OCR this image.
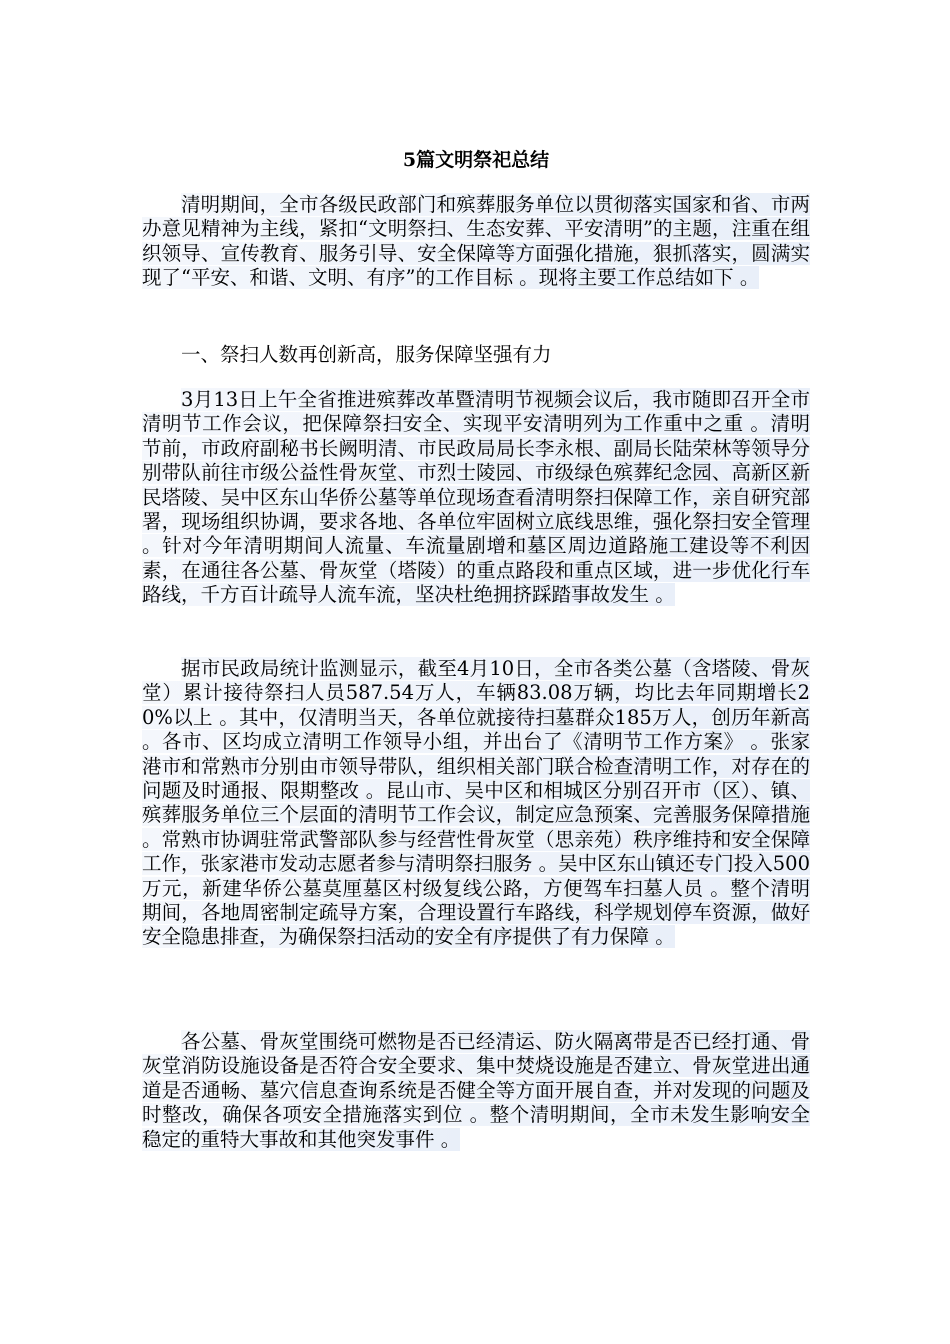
5篇文明祭祀总结
清明期间，全市各级民政部门和殡葬服务单位以贯彻落实国家和省、市两办意见精神为主线，紧扣“文明祭扫、生态安葬、平安清明”的主题，注重在组织领导、宣传教育、服务引导、安全保障等方面强化措施，狠抓落实，圆满实现了“平安、和谐、文明、有序”的工作目标 。现将主要工作总结如下 。
一、祭扫人数再创新高，服务保障坚强有力
3月13日上午全省推进殡葬改革暨清明节视频会议后，我市随即召开全市清明节工作会议，把保障祭扫安全、实现平安清明列为工作重中之重 。清明节前，市政府副秘书长阙明清、市民政局局长李永根、副局长陆荣林等领导分别带队前往市级公益性骨灰堂、市烈士陵园、市级绿色殡葬纪念园、高新区新民塔陵、吴中区东山华侨公墓等单位现场查看清明祭扫保障工作，亲自研究部署，现场组织协调，要求各地、各单位牢固树立底线思维，强化祭扫安全管理 。针对今年清明期间人流量、车流量剧增和墓区周边道路施工建设等不利因素，在通往各公墓、骨灰堂（塔陵）的重点路段和重点区域，进一步优化行车路线，千方百计疏导人流车流，坚决杜绝拥挤踩踏事故发生 。
据市民政局统计监测显示，截至4月10日，全市各类公墓（含塔陵、骨灰堂）累计接待祭扫人员587.54万人，车辆83.08万辆，均比去年同期增长20%以上 。其中，仅清明当天，各单位就接待扫墓群众185万人，创历年新高 。各市、区均成立清明工作领导小组，并出台了《清明节工作方案》 。张家港市和常熟市分别由市领导带队，组织相关部门联合检查清明工作，对存在的问题及时通报、限期整改 。昆山市、吴中区和相城区分别召开市（区）、镇、殡葬服务单位三个层面的清明节工作会议，制定应急预案、完善服务保障措施 。常熟市协调驻常武警部队参与经营性骨灰堂（思亲苑）秩序维持和安全保障工作，张家港市发动志愿者参与清明祭扫服务 。吴中区东山镇还专门投入500万元，新建华侨公墓莫厘墓区村级复线公路，方便驾车扫墓人员 。整个清明期间，各地周密制定疏导方案，合理设置行车路线，科学规划停车资源，做好安全隐患排查，为确保祭扫活动的安全有序提供了有力保障 。
各公墓、骨灰堂围绕可燃物是否已经清运、防火隔离带是否已经打通、骨灰堂消防设施设备是否符合安全要求、集中焚烧设施是否建立、骨灰堂进出通道是否通畅、墓穴信息查询系统是否健全等方面开展自查，并对发现的问题及时整改，确保各项安全措施落实到位 。整个清明期间，全市未发生影响安全稳定的重特大事故和其他突发事件 。
